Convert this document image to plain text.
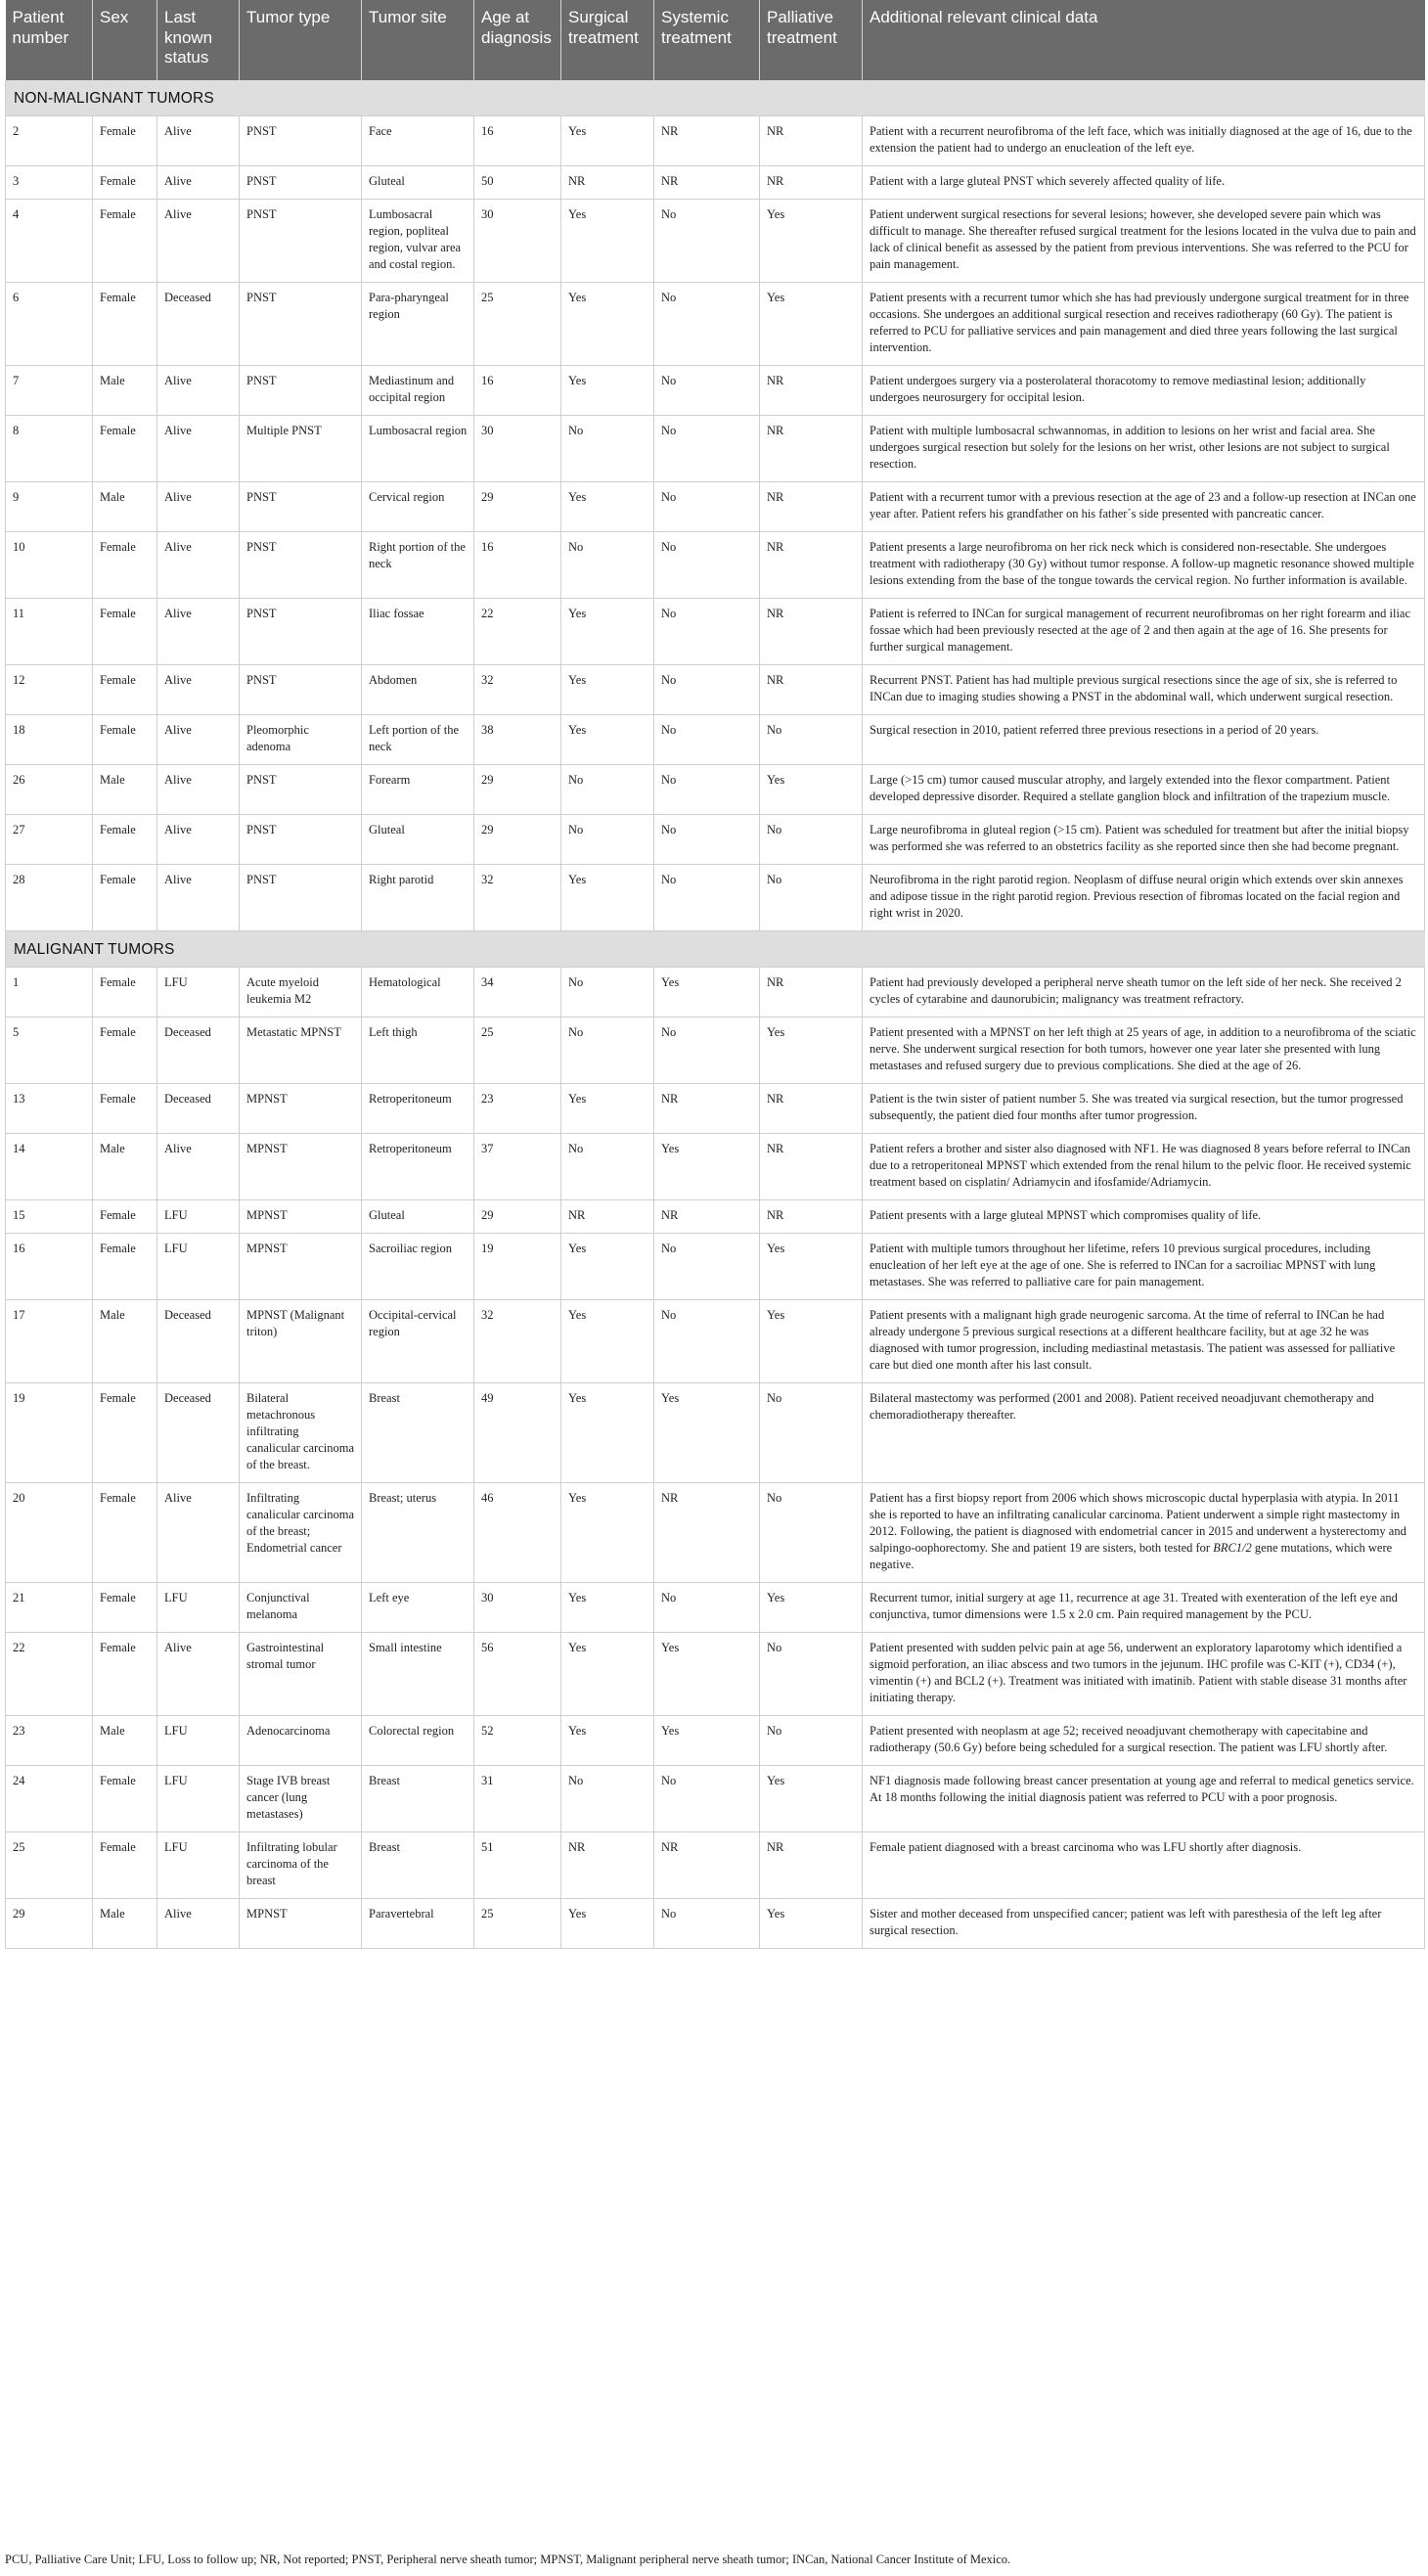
Patient number	Sex	Last known status	Tumor type	Tumor site	Age at diagnosis	Surgical treatment	Systemic treatment	Palliative treatment	Additional relevant clinical data
NON-MALIGNANT TUMORS									
2	Female	Alive	PNST	Face	16	Yes	NR	NR	Patient with a recurrent neurofibroma of the left face, which was initially diagnosed at the age of 16, due to the extension the patient had to undergo an enucleation of the left eye.
3	Female	Alive	PNST	Gluteal	50	NR	NR	NR	Patient with a large gluteal PNST which severely affected quality of life.
4	Female	Alive	PNST	Lumbosacral region, popliteal region, vulvar area and costal region.	30	Yes	No	Yes	Patient underwent surgical resections for several lesions; however, she developed severe pain which was difficult to manage. She thereafter refused surgical treatment for the lesions located in the vulva due to pain and lack of clinical benefit as assessed by the patient from previous interventions. She was referred to the PCU for pain management.
6	Female	Deceased	PNST	Para-pharyngeal region	25	Yes	No	Yes	Patient presents with a recurrent tumor which she has had previously undergone surgical treatment for in three occasions. She undergoes an additional surgical resection and receives radiotherapy (60 Gy). The patient is referred to PCU for palliative services and pain management and died three years following the last surgical intervention.
7	Male	Alive	PNST	Mediastinum and occipital region	16	Yes	No	NR	Patient undergoes surgery via a posterolateral thoracotomy to remove mediastinal lesion; additionally undergoes neurosurgery for occipital lesion.
8	Female	Alive	Multiple PNST	Lumbosacral region	30	No	No	NR	Patient with multiple lumbosacral schwannomas, in addition to lesions on her wrist and facial area. She undergoes surgical resection but solely for the lesions on her wrist, other lesions are not subject to surgical resection.
9	Male	Alive	PNST	Cervical region	29	Yes	No	NR	Patient with a recurrent tumor with a previous resection at the age of 23 and a follow-up resection at INCan one year after. Patient refers his grandfather on his father´s side presented with pancreatic cancer.
10	Female	Alive	PNST	Right portion of the neck	16	No	No	NR	Patient presents a large neurofibroma on her rick neck which is considered non-resectable. She undergoes treatment with radiotherapy (30 Gy) without tumor response. A follow-up magnetic resonance showed multiple lesions extending from the base of the tongue towards the cervical region. No further information is available.
11	Female	Alive	PNST	Iliac fossae	22	Yes	No	NR	Patient is referred to INCan for surgical management of recurrent neurofibromas on her right forearm and iliac fossae which had been previously resected at the age of 2 and then again at the age of 16. She presents for further surgical management.
12	Female	Alive	PNST	Abdomen	32	Yes	No	NR	Recurrent PNST. Patient has had multiple previous surgical resections since the age of six, she is referred to INCan due to imaging studies showing a PNST in the abdominal wall, which underwent surgical resection.
18	Female	Alive	Pleomorphic adenoma	Left portion of the neck	38	Yes	No	No	Surgical resection in 2010, patient referred three previous resections in a period of 20 years.
26	Male	Alive	PNST	Forearm	29	No	No	Yes	Large (>15 cm) tumor caused muscular atrophy, and largely extended into the flexor compartment. Patient developed depressive disorder. Required a stellate ganglion block and infiltration of the trapezium muscle.
27	Female	Alive	PNST	Gluteal	29	No	No	No	Large neurofibroma in gluteal region (>15 cm). Patient was scheduled for treatment but after the initial biopsy was performed she was referred to an obstetrics facility as she reported since then she had become pregnant.
28	Female	Alive	PNST	Right parotid	32	Yes	No	No	Neurofibroma in the right parotid region. Neoplasm of diffuse neural origin which extends over skin annexes and adipose tissue in the right parotid region. Previous resection of fibromas located on the facial region and right wrist in 2020.
MALIGNANT TUMORS									
1	Female	LFU	Acute myeloid leukemia M2	Hematological	34	No	Yes	NR	Patient had previously developed a peripheral nerve sheath tumor on the left side of her neck. She received 2 cycles of cytarabine and daunorubicin; malignancy was treatment refractory.
5	Female	Deceased	Metastatic MPNST	Left thigh	25	No	No	Yes	Patient presented with a MPNST on her left thigh at 25 years of age, in addition to a neurofibroma of the sciatic nerve. She underwent surgical resection for both tumors, however one year later she presented with lung metastases and refused surgery due to previous complications. She died at the age of 26.
13	Female	Deceased	MPNST	Retroperitoneum	23	Yes	NR	NR	Patient is the twin sister of patient number 5. She was treated via surgical resection, but the tumor progressed subsequently, the patient died four months after tumor progression.
14	Male	Alive	MPNST	Retroperitoneum	37	No	Yes	NR	Patient refers a brother and sister also diagnosed with NF1. He was diagnosed 8 years before referral to INCan due to a retroperitoneal MPNST which extended from the renal hilum to the pelvic floor. He received systemic treatment based on cisplatin/ Adriamycin and ifosfamide/Adriamycin.
15	Female	LFU	MPNST	Gluteal	29	NR	NR	NR	Patient presents with a large gluteal MPNST which compromises quality of life.
16	Female	LFU	MPNST	Sacroiliac region	19	Yes	No	Yes	Patient with multiple tumors throughout her lifetime, refers 10 previous surgical procedures, including enucleation of her left eye at the age of one. She is referred to INCan for a sacroiliac MPNST with lung metastases. She was referred to palliative care for pain management.
17	Male	Deceased	MPNST (Malignant triton)	Occipital-cervical region	32	Yes	No	Yes	Patient presents with a malignant high grade neurogenic sarcoma. At the time of referral to INCan he had already undergone 5 previous surgical resections at a different healthcare facility, but at age 32 he was diagnosed with tumor progression, including mediastinal metastasis. The patient was assessed for palliative care but died one month after his last consult.
19	Female	Deceased	Bilateral metachronous infiltrating canalicular carcinoma of the breast.	Breast	49	Yes	Yes	No	Bilateral mastectomy was performed (2001 and 2008). Patient received neoadjuvant chemotherapy and chemoradiotherapy thereafter.
20	Female	Alive	Infiltrating canalicular carcinoma of the breast; Endometrial cancer	Breast; uterus	46	Yes	NR	No	Patient has a first biopsy report from 2006 which shows microscopic ductal hyperplasia with atypia. In 2011 she is reported to have an infiltrating canalicular carcinoma. Patient underwent a simple right mastectomy in 2012. Following, the patient is diagnosed with endometrial cancer in 2015 and underwent a hysterectomy and salpingo-oophorectomy. She and patient 19 are sisters, both tested for BRC1/2 gene mutations, which were negative.
21	Female	LFU	Conjunctival melanoma	Left eye	30	Yes	No	Yes	Recurrent tumor, initial surgery at age 11, recurrence at age 31. Treated with exenteration of the left eye and conjunctiva, tumor dimensions were 1.5 x 2.0 cm. Pain required management by the PCU.
22	Female	Alive	Gastrointestinal stromal tumor	Small intestine	56	Yes	Yes	No	Patient presented with sudden pelvic pain at age 56, underwent an exploratory laparotomy which identified a sigmoid perforation, an iliac abscess and two tumors in the jejunum. IHC profile was C-KIT (+), CD34 (+), vimentin (+) and BCL2 (+). Treatment was initiated with imatinib. Patient with stable disease 31 months after initiating therapy.
23	Male	LFU	Adenocarcinoma	Colorectal region	52	Yes	Yes	No	Patient presented with neoplasm at age 52; received neoadjuvant chemotherapy with capecitabine and radiotherapy (50.6 Gy) before being scheduled for a surgical resection. The patient was LFU shortly after.
24	Female	LFU	Stage IVB breast cancer (lung metastases)	Breast	31	No	No	Yes	NF1 diagnosis made following breast cancer presentation at young age and referral to medical genetics service. At 18 months following the initial diagnosis patient was referred to PCU with a poor prognosis.
25	Female	LFU	Infiltrating lobular carcinoma of the breast	Breast	51	NR	NR	NR	Female patient diagnosed with a breast carcinoma who was LFU shortly after diagnosis.
29	Male	Alive	MPNST	Paravertebral	25	Yes	No	Yes	Sister and mother deceased from unspecified cancer; patient was left with paresthesia of the left leg after surgical resection.
PCU, Palliative Care Unit; LFU, Loss to follow up; NR, Not reported; PNST, Peripheral nerve sheath tumor; MPNST, Malignant peripheral nerve sheath tumor; INCan, National Cancer Institute of Mexico.
